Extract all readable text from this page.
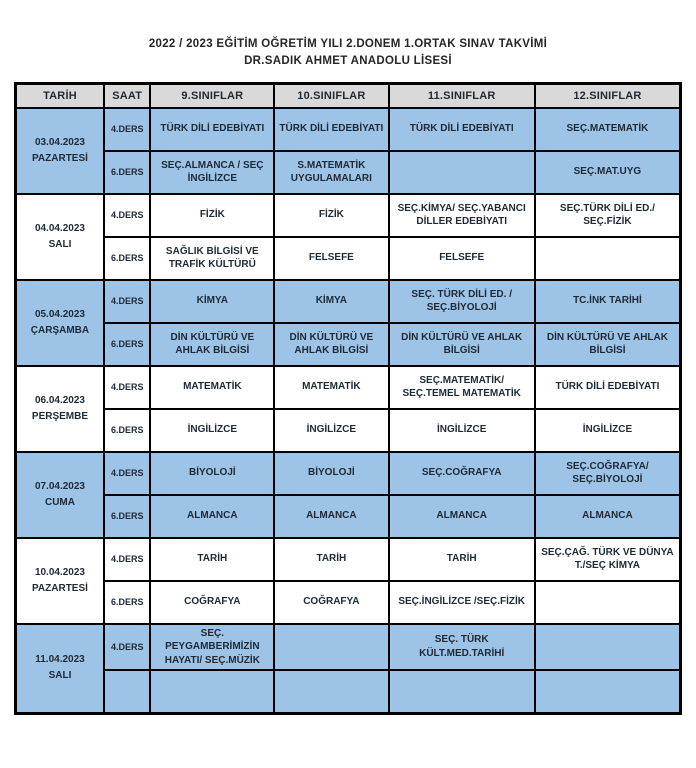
2022 / 2023 EĞİTİM OĞRETİM YILI 2.DONEM 1.ORTAK SINAV TAKVİMİ
DR.SADIK AHMET ANADOLU LİSESİ
TARİH	SAAT	9.SINIFLAR	10.SINIFLAR	11.SINIFLAR	12.SINIFLAR

03.04.2023
PAZARTESİ	4.DERS	TÜRK DİLİ EDEBİYATI	TÜRK DİLİ EDEBİYATI	TÜRK DİLİ EDEBİYATI	SEÇ.MATEMATİK
	6.DERS	SEÇ.ALMANCA / SEÇ İNGİLİZCE	S.MATEMATİK UYGULAMALARI		SEÇ.MAT.UYG

04.04.2023
SALI	4.DERS	FİZİK	FİZİK	SEÇ.KİMYA/ SEÇ.YABANCI DİLLER EDEBİYATI	SEÇ.TÜRK DİLİ ED./ SEÇ.FİZİK
	6.DERS	SAĞLIK BİLGİSİ VE TRAFİK KÜLTÜRÜ	FELSEFE	FELSEFE	

05.04.2023
ÇARŞAMBA	4.DERS	KİMYA	KİMYA	SEÇ. TÜRK DİLİ ED. / SEÇ.BİYOLOJİ	TC.İNK TARİHİ
	6.DERS	DİN KÜLTÜRÜ VE AHLAK BİLGİSİ	DİN KÜLTÜRÜ VE AHLAK BİLGİSİ	DİN KÜLTÜRÜ VE AHLAK BİLGİSİ	DİN KÜLTÜRÜ VE AHLAK BİLGİSİ

06.04.2023
PERŞEMBE	4.DERS	MATEMATİK	MATEMATİK	SEÇ.MATEMATİK/ SEÇ.TEMEL MATEMATİK	TÜRK DİLİ EDEBİYATI
	6.DERS	İNGİLİZCE	İNGİLİZCE	İNGİLİZCE	İNGİLİZCE

07.04.2023
CUMA	4.DERS	BİYOLOJİ	BİYOLOJİ	SEÇ.COĞRAFYA	SEÇ.COĞRAFYA/ SEÇ.BİYOLOJİ
	6.DERS	ALMANCA	ALMANCA	ALMANCA	ALMANCA

10.04.2023
PAZARTESİ	4.DERS	TARİH	TARİH	TARİH	SEÇ.ÇAĞ. TÜRK VE DÜNYA T./SEÇ KİMYA
	6.DERS	COĞRAFYA	COĞRAFYA	SEÇ.İNGİLİZCE /SEÇ.FİZİK	

11.04.2023
SALI	4.DERS	SEÇ. PEYGAMBERİMİZİN HAYATI/ SEÇ.MÜZİK		SEÇ. TÜRK KÜLT.MED.TARİHİ	
